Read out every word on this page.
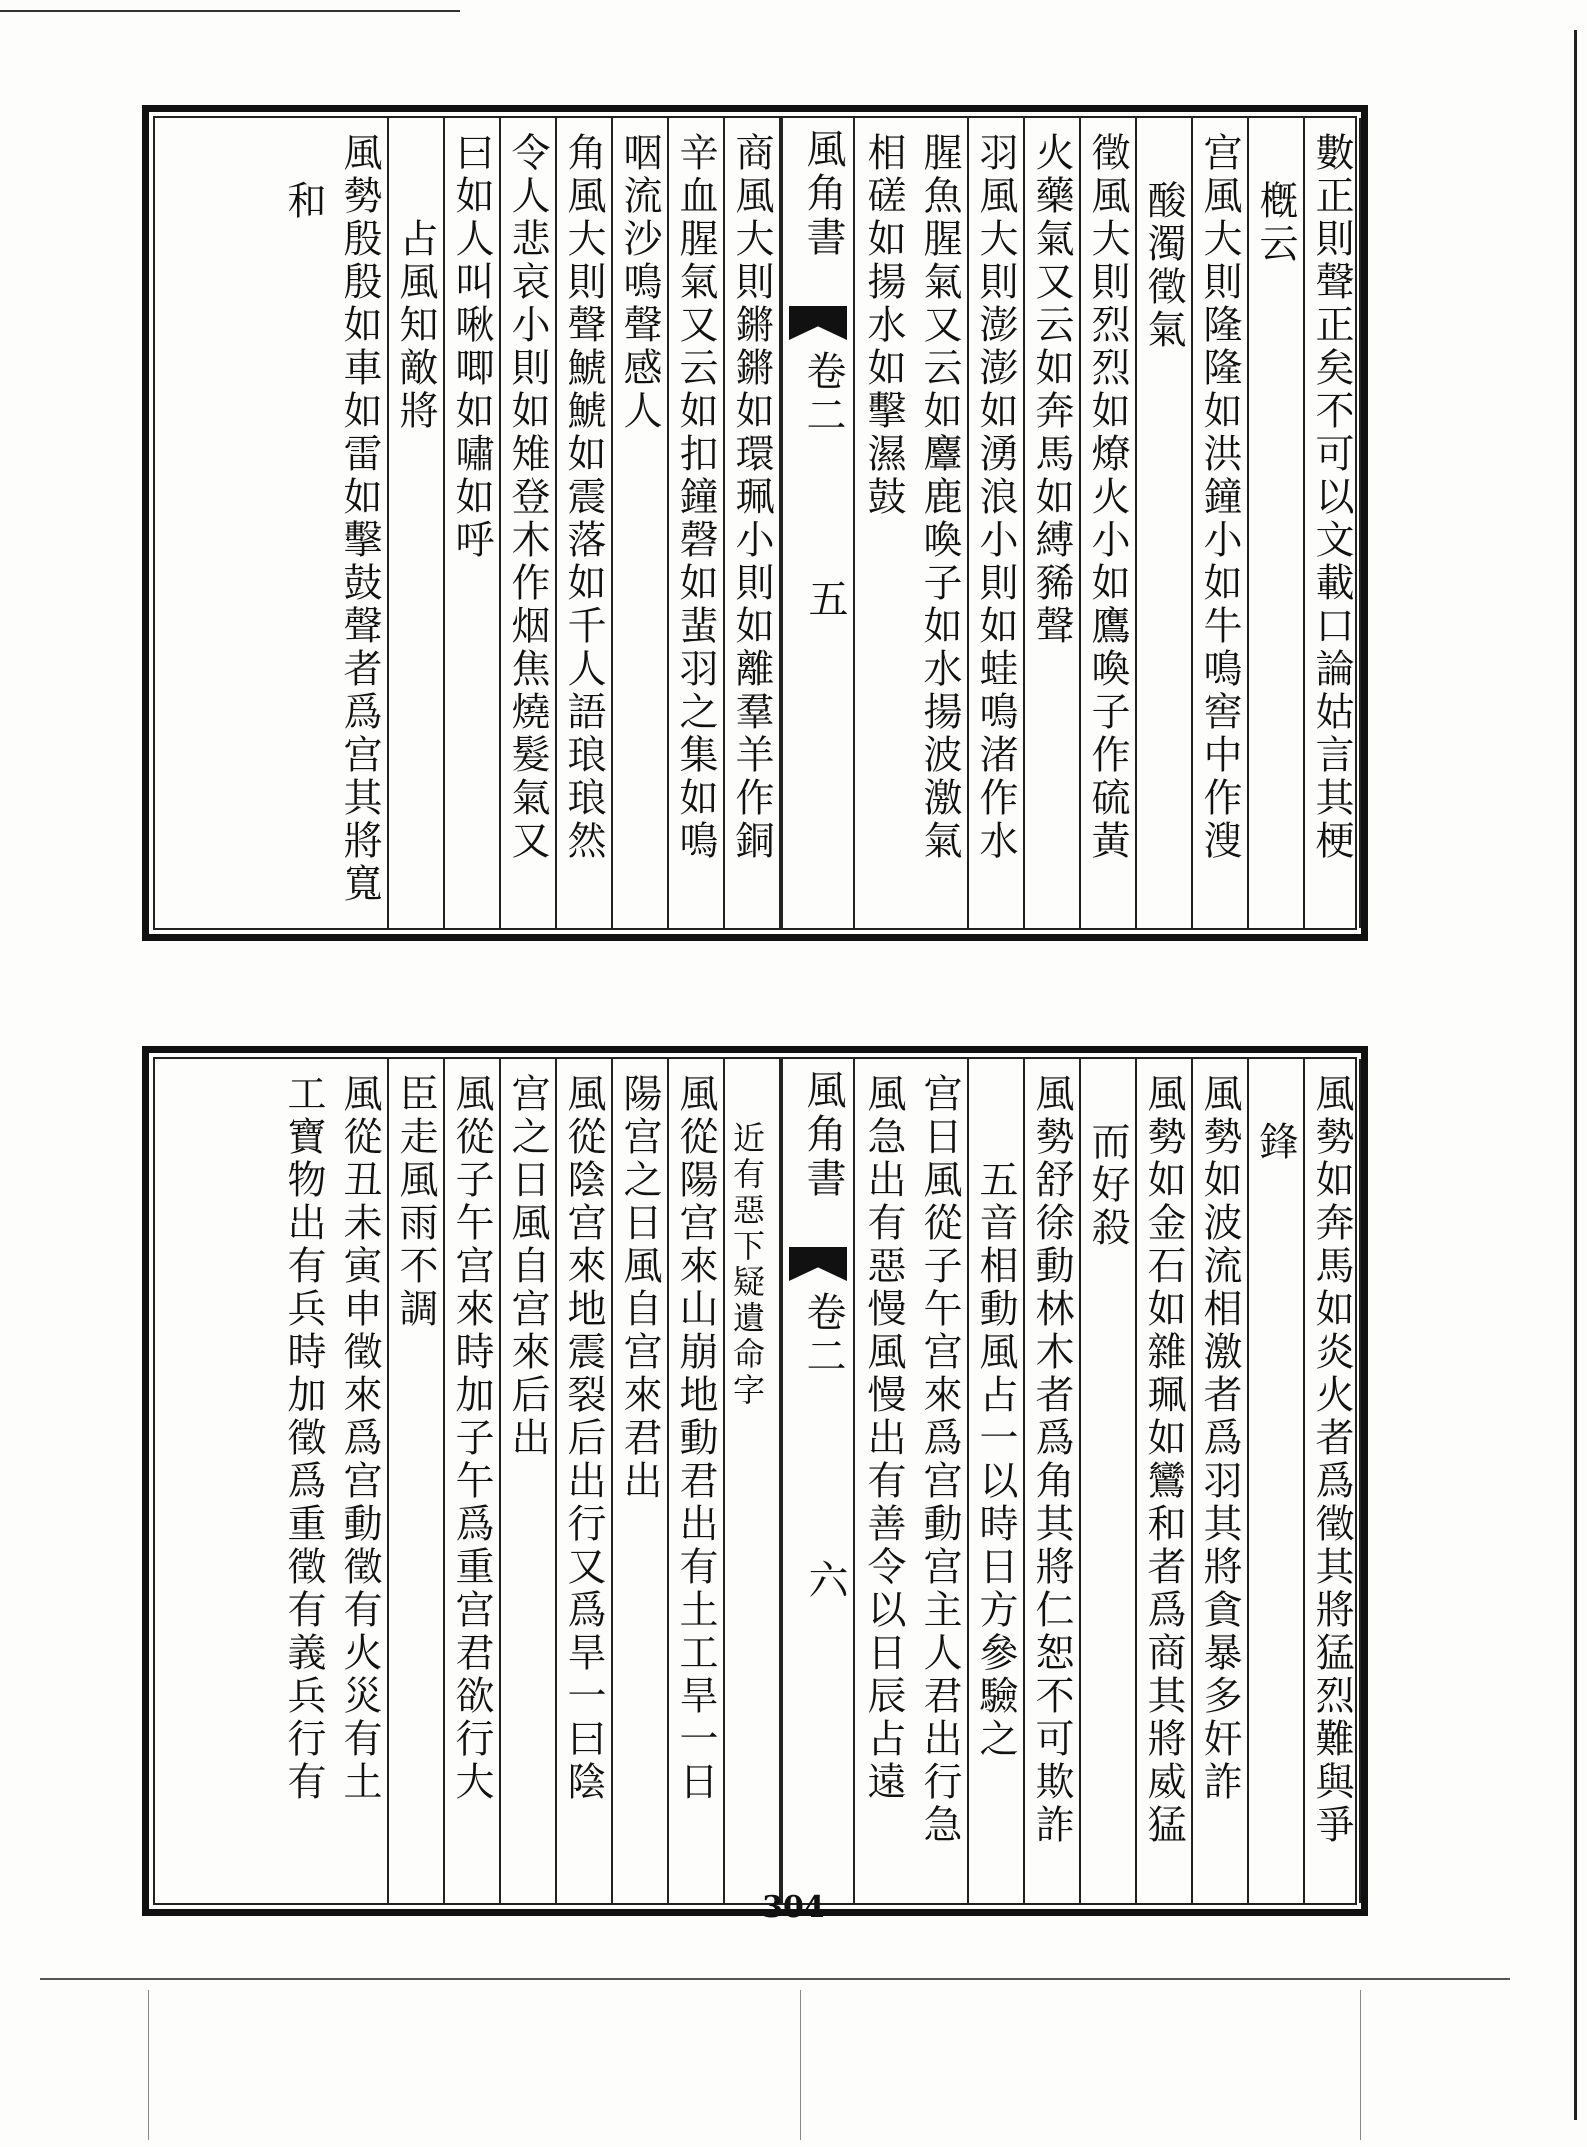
數正則聲正矣不可以文載口論姑言其梗
槪云
宫風大則隆隆如洪鐘小如牛鳴窖中作溲
酸濁徵氣
徵風大則烈烈如燎火小如鷹喚子作硫黃
火藥氣又云如奔馬如縛豨聲
羽風大則澎澎如湧浪小則如蛙鳴渚作水
腥魚腥氣又云如麞鹿喚子如水揚波激氣
相磋如揚水如擊濕鼓
風角書
卷二
五
商風大則鏘鏘如環珮小則如離羣羊作銅
辛血腥氣又云如扣鐘磬如蜚羽之集如鳴
咽流沙鳴聲感人
角風大則聲鯱鯱如震落如千人語琅琅然
令人悲哀小則如雉登木作烟焦燒髮氣又
曰如人叫啾唧如嘯如呼
占風知敵將
風勢殷殷如車如雷如擊鼓聲者爲宫其將寬
和
風勢如奔馬如炎火者爲徵其將猛烈難與爭
鋒
風勢如波流相激者爲羽其將貪暴多奸詐
風勢如金石如雜珮如鸞和者爲商其將威猛
而好殺
風勢舒徐動林木者爲角其將仁恕不可欺詐
五音相動風占一以時日方參驗之
宫日風從子午宫來爲宫動宫主人君出行急
風急出有惡慢風慢出有善令以日辰占遠
風角書
卷二
六
近有惡下疑遺命字
風從陽宫來山崩地動君出有土工旱一日
陽宫之日風自宫來君出
風從陰宫來地震裂后出行又爲旱一曰陰
宫之日風自宫來后出
風從子午宫來時加子午爲重宫君欲行大
臣走風雨不調
風從丑未寅申徵來爲宫動徵有火災有土
工寶物出有兵時加徵爲重徵有義兵行有
304
